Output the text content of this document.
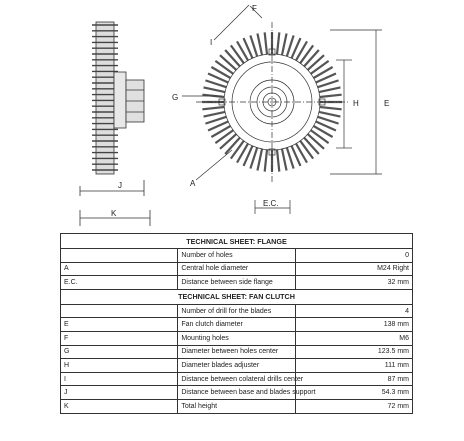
J
K
F
I
G
H	E
A
E.C.
TECHNICAL SHEET: FLANGE		
	Number of holes	0
A	Central hole diameter	M24 Right
E.C.	Distance between side flange	32 mm
TECHNICAL SHEET: FAN CLUTCH		
	Number of drill for the blades	4
E	Fan clutch diameter	138 mm
F	Mounting holes	M6
G	Diameter between holes center	123.5 mm
H	Diameter blades adjuster	111 mm
I	Distance between colateral drills center	87 mm
J	Distance between base and blades support	54.3 mm
K	Total height	72 mm
